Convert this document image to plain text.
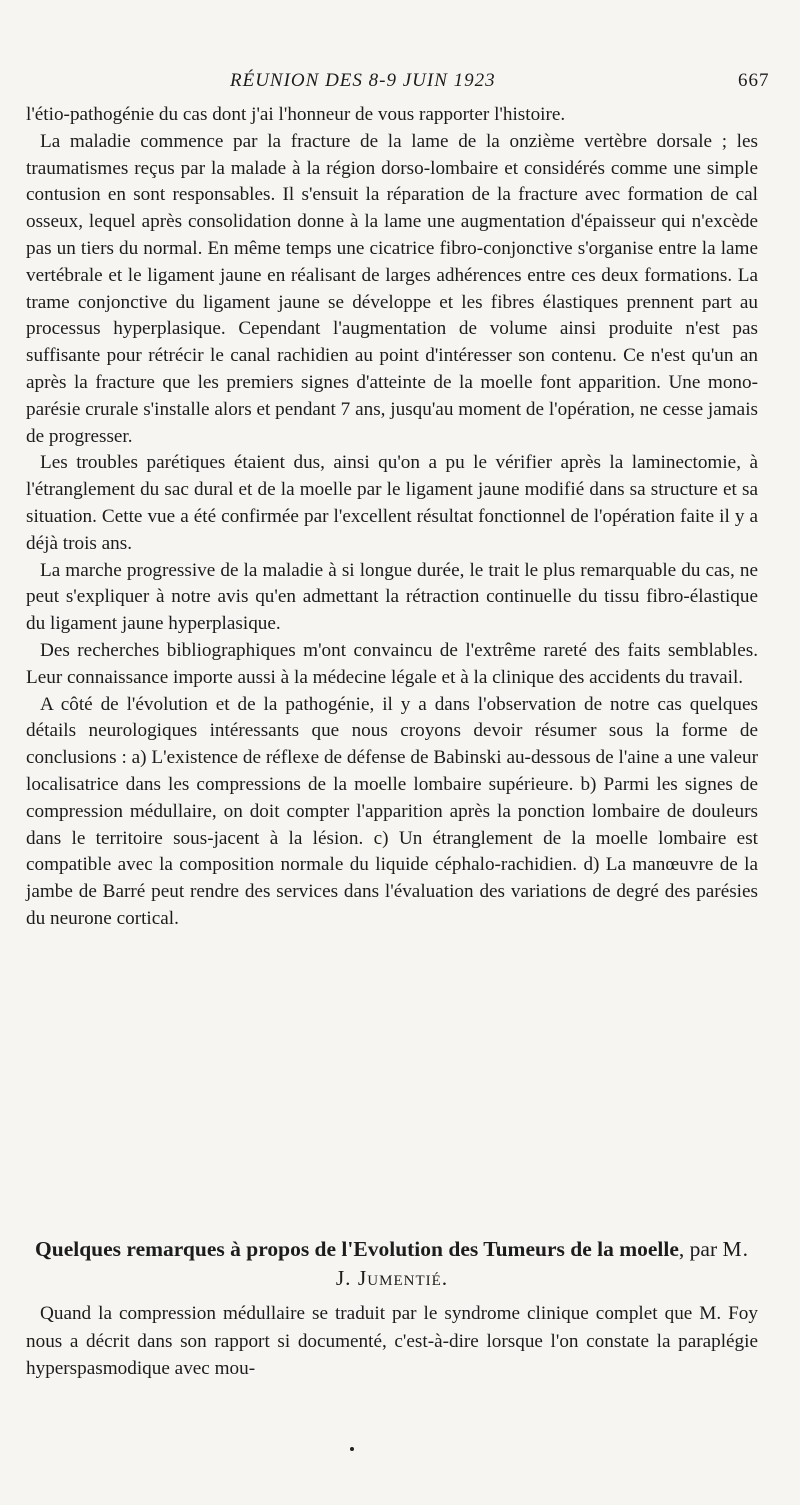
RÉUNION DES 8-9 JUIN 1923	667

l'étio-pathogénie du cas dont j'ai l'honneur de vous rapporter l'histoire.

La maladie commence par la fracture de la lame de la onzième vertèbre dorsale ; les traumatismes reçus par la malade à la région dorso-lombaire et considérés comme une simple contusion en sont responsables. Il s'ensuit la réparation de la fracture avec formation de cal osseux, lequel après consolidation donne à la lame une augmentation d'épaisseur qui n'excède pas un tiers du normal. En même temps une cicatrice fibro-conjonctive s'organise entre la lame vertébrale et le ligament jaune en réalisant de larges adhérences entre ces deux formations. La trame conjonctive du ligament jaune se développe et les fibres élastiques prennent part au processus hyperplasique. Cependant l'augmentation de volume ainsi produite n'est pas suffisante pour rétrécir le canal rachidien au point d'intéresser son contenu. Ce n'est qu'un an après la fracture que les premiers signes d'atteinte de la moelle font apparition. Une mono-parésie crurale s'installe alors et pendant 7 ans, jusqu'au moment de l'opération, ne cesse jamais de progresser.

Les troubles parétiques étaient dus, ainsi qu'on a pu le vérifier après la laminectomie, à l'étranglement du sac dural et de la moelle par le ligament jaune modifié dans sa structure et sa situation. Cette vue a été confirmée par l'excellent résultat fonctionnel de l'opération faite il y a déjà trois ans.

La marche progressive de la maladie à si longue durée, le trait le plus remarquable du cas, ne peut s'expliquer à notre avis qu'en admettant la rétraction continuelle du tissu fibro-élastique du ligament jaune hyperplasique.

Des recherches bibliographiques m'ont convaincu de l'extrême rareté des faits semblables. Leur connaissance importe aussi à la médecine légale et à la clinique des accidents du travail.

A côté de l'évolution et de la pathogénie, il y a dans l'observation de notre cas quelques détails neurologiques intéressants que nous croyons devoir résumer sous la forme de conclusions : a) L'existence de réflexe de défense de Babinski au-dessous de l'aine a une valeur localisatrice dans les compressions de la moelle lombaire supérieure. b) Parmi les signes de compression médullaire, on doit compter l'apparition après la ponction lombaire de douleurs dans le territoire sous-jacent à la lésion. c) Un étranglement de la moelle lombaire est compatible avec la composition normale du liquide céphalo-rachidien. d) La manœuvre de la jambe de Barré peut rendre des services dans l'évaluation des variations de degré des parésies du neurone cortical.

Quelques remarques à propos de l'Evolution des Tumeurs de la moelle, par M. J. Jumentié.

Quand la compression médullaire se traduit par le syndrome clinique complet que M. Foy nous a décrit dans son rapport si documenté, c'est-à-dire lorsque l'on constate la paraplégie hyperspasmodique avec mou-
